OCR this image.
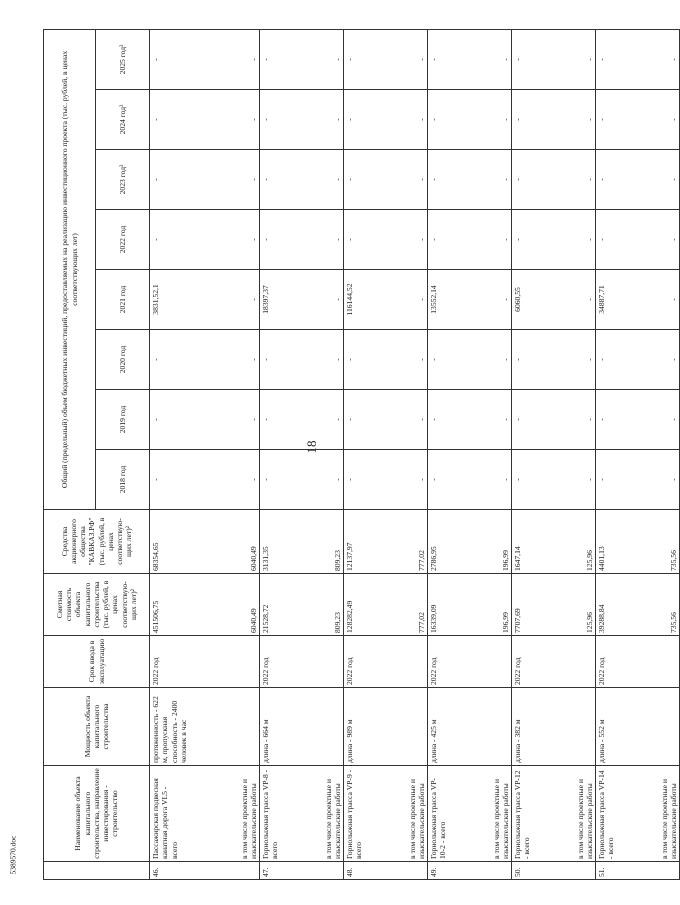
18
5389570.doc
	Наименование объекта капитального строительства, направление инвестирования - строительство	Мощность объекта капитального строительства	Срок ввода в эксплуатацию	Сметная стоимость объекта капитального строительства (тыс. рублей, в ценах соответствую-щих лет)²	Средства акционерного общества "КАВКАЗ.РФ" (тыс. рублей, в ценах соответствую-щих лет)²	Общий (предельный) объем бюджетных инвестиций, предоставляемых на реализацию инвестиционного проекта (тыс. рублей, в ценах соответствующих лет)							
						2018 год	2019 год	2020 год	2021 год	2022 год	2023 год³	2024 год³	2025 год³
46.	Пассажирская подвесная канатная дорога VL5 - всего	протяженность - 622 м, пропускная способность - 2400 человек в час	2022 год	451506,75	68354,65	-	-	-	3831,52,1	-	-	-	-
	в том числе проектные и изыскательские работы			6040,49	6040,49	-	-	-	-	-	-	-	-
47.	Горнолыжная трасса VP-8 - всего	длина - 664 м	2022 год	21528,72	3131,35	-	-	-	18397,37	-	-	-	-
	в том числе проектные и изыскательские работы			809,23	809,23	-	-	-	-	-	-	-	-
48.	Горнолыжная трасса VP-9 - всего	длина - 989 м	2022 год	128282,49	12137,97	-	-	-	116144,52	-	-	-	-
	в том числе проектные и изыскательские работы			777,02	777,02	-	-	-	-	-	-	-	-
49.	Горнолыжная трасса VP-10-2 - всего	длина - 425 м	2022 год	16339,09	2786,95	-	-	-	13552,14	-	-	-	-
	в том числе проектные и изыскательские работы			196,99	196,99	-	-	-	-	-	-	-	-
50.	Горнолыжная трасса VP-12 - всего	длина - 382 м	2022 год	7707,69	1647,14	-	-	-	6060,55	-	-	-	-
	в том числе проектные и изыскательские работы			125,96	125,96	-	-	-	-	-	-	-	-
51.	Горнолыжная трасса VP-14 - всего	длина - 552 м	2022 год	39288,84	4401,13	-	-	-	34887,71	-	-	-	-
	в том числе проектные и изыскательские работы			735,56	735,56	-	-	-	-	-	-	-	-
